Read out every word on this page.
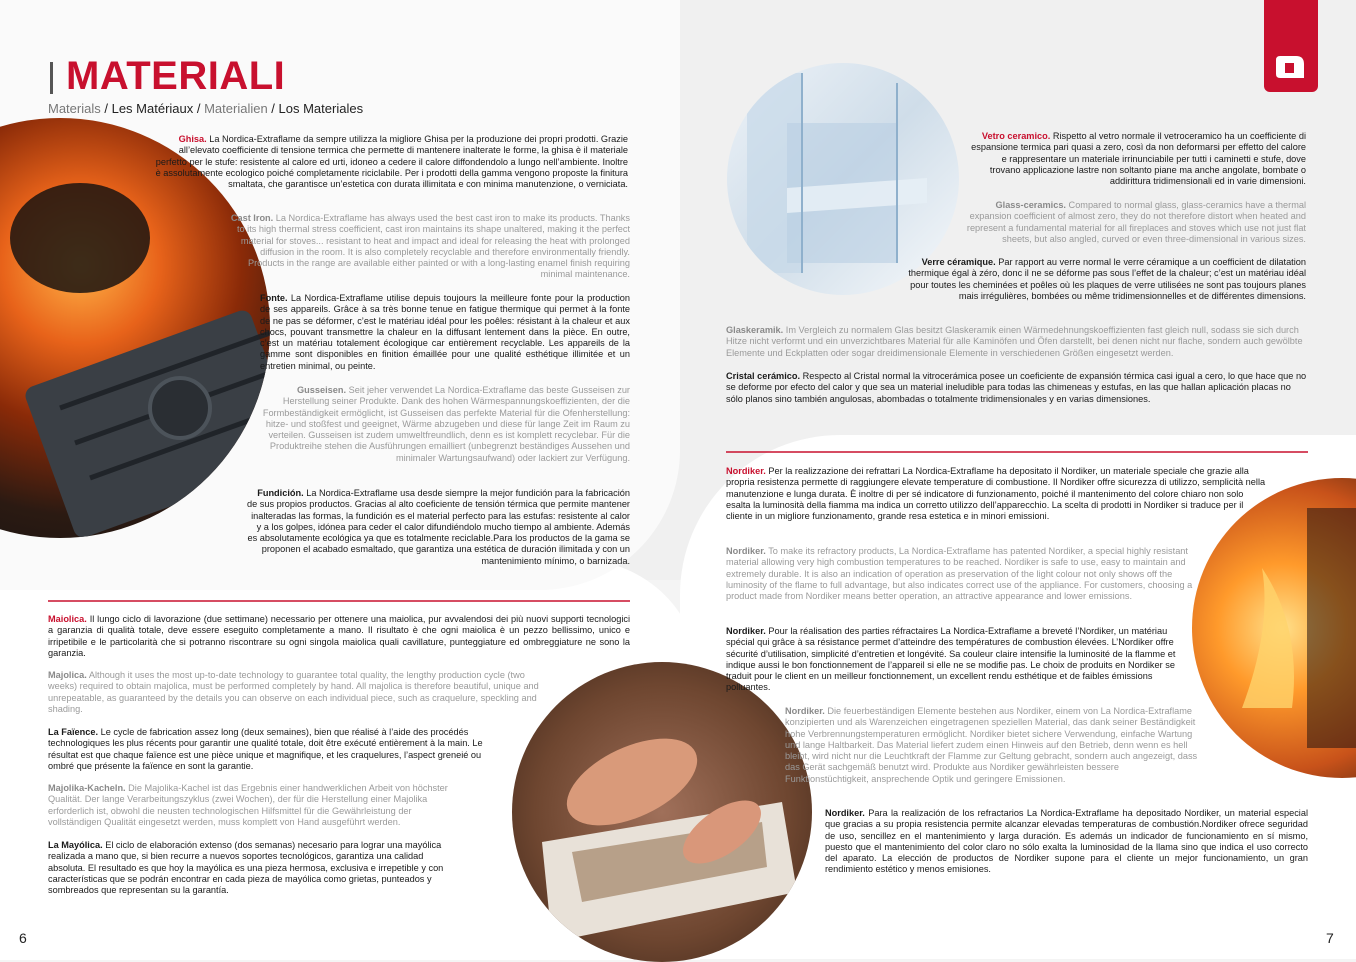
MATERIALI
Materials / Les Matériaux / Materialien / Los Materiales
Ghisa. La Nordica-Extraflame da sempre utilizza la migliore Ghisa per la produzione dei propri prodotti. Grazie all’elevato coefficiente di tensione termica che permette di mantenere inalterate le forme, la ghisa è il materiale perfetto per le stufe: resistente al calore ed urti, idoneo a cedere il calore diffondendolo a lungo nell’ambiente. Inoltre è assolutamente ecologico poiché completamente riciclabile. Per i prodotti della gamma vengono proposte la finitura smaltata, che garantisce un’estetica con durata illimitata e con minima manutenzione, o verniciata.
Cast Iron. La Nordica-Extraflame has always used the best cast iron to make its products. Thanks to its high thermal stress coefficient, cast iron maintains its shape unaltered, making it the perfect material for stoves... resistant to heat and impact and ideal for releasing the heat with prolonged diffusion in the room. It is also completely recyclable and therefore environmentally friendly. Products in the range are available either painted or with a long-lasting enamel finish requiring minimal maintenance.
Fonte. La Nordica-Extraflame utilise depuis toujours la meilleure fonte pour la production de ses appareils. Grâce à sa très bonne tenue en fatigue thermique qui permet à la fonte de ne pas se déformer, c’est le matériau idéal pour les poêles: résistant à la chaleur et aux chocs, pouvant transmettre la chaleur en la diffusant lentement dans la pièce. En outre, c’est un matériau totalement écologique car entièrement recyclable. Les appareils de la gamme sont disponibles en finition émaillée pour une qualité esthétique illimitée et un entretien minimal, ou peinte.
Gusseisen. Seit jeher verwendet La Nordica-Extraflame das beste Gusseisen zur Herstellung seiner Produkte. Dank des hohen Wärmespannungskoeffizienten, der die Formbeständigkeit ermöglicht, ist Gusseisen das perfekte Material für die Ofenherstellung: hitze- und stoßfest und geeignet, Wärme abzugeben und diese für lange Zeit im Raum zu verteilen. Gusseisen ist zudem umweltfreundlich, denn es ist komplett recyclebar. Für die Produktreihe stehen die Ausführungen emailliert (unbegrenzt beständiges Aussehen und minimaler Wartungsaufwand) oder lackiert zur Verfügung.
Fundición. La Nordica-Extraflame usa desde siempre la mejor fundición para la fabricación de sus propios productos. Gracias al alto coeficiente de tensión térmica que permite mantener inalteradas las formas, la fundición es el material perfecto para las estufas: resistente al calor y a los golpes, idónea para ceder el calor difundiéndolo mucho tiempo al ambiente. Además es absolutamente ecológica ya que es totalmente reciclable.Para los productos de la gama se proponen el acabado esmaltado, que garantiza una estética de duración ilimitada y con un mantenimiento mínimo, o barnizada.
Maiolica. Il lungo ciclo di lavorazione (due settimane) necessario per ottenere una maiolica, pur avvalendosi dei più nuovi supporti tecnologici a garanzia di qualità totale, deve essere eseguito completamente a mano. Il risultato è che ogni maiolica è un pezzo bellissimo, unico e irripetibile e le particolarità che si potranno riscontrare su ogni singola maiolica quali cavillature, punteggiature ed ombreggiature ne sono la garanzia.
Majolica. Although it uses the most up-to-date technology to guarantee total quality, the lengthy production cycle (two weeks) required to obtain majolica, must be performed completely by hand. All majolica is therefore beautiful, unique and unrepeatable, as guaranteed by the details you can observe on each individual piece, such as craquelure, speckling and shading.
La Faïence. Le cycle de fabrication assez long (deux semaines), bien que réalisé à l’aide des procédés technologiques les plus récents pour garantir une qualité totale, doit être exécuté entièrement à la main. Le résultat est que chaque faïence est une pièce unique et magnifique, et les craquelures, l’aspect greneié ou ombré que présente la faïence en sont la garantie.
Majolika-Kacheln. Die Majolika-Kachel ist das Ergebnis einer handwerklichen Arbeit von höchster Qualität. Der lange Verarbeitungszyklus (zwei Wochen), der für die Herstellung einer Majolika erforderlich ist, obwohl die neusten technologischen Hilfsmittel für die Gewährleistung der vollständigen Qualität eingesetzt werden, muss komplett von Hand ausgeführt werden.
La Mayólica. El ciclo de elaboración extenso (dos semanas) necesario para lograr una mayólica realizada a mano que, si bien recurre a nuevos soportes tecnológicos, garantiza una calidad absoluta. El resultado es que hoy la mayólica es una pieza hermosa, exclusiva e irrepetible y con características que se podrán encontrar en cada pieza de mayólica como grietas, punteados y sombreados que representan su la garantía.
Vetro ceramico. Rispetto al vetro normale il vetroceramico ha un coefficiente di espansione termica pari quasi a zero, così da non deformarsi per effetto del calore e rappresentare un materiale irrinunciabile per tutti i caminetti e stufe, dove trovano applicazione lastre non soltanto piane ma anche angolate, bombate o addirittura tridimensionali ed in varie dimensioni.
Glass-ceramics. Compared to normal glass, glass-ceramics have a thermal expansion coefficient of almost zero, they do not therefore distort when heated and represent a fundamental material for all fireplaces and stoves which use not just flat sheets, but also angled, curved or even three-dimensional in various sizes.
Verre céramique. Par rapport au verre normal le verre céramique a un coefficient de dilatation thermique égal à zéro, donc il ne se déforme pas sous l’effet de la chaleur; c’est un matériau idéal pour toutes les cheminées et poêles où les plaques de verre utilisées ne sont pas toujours planes mais irrégulières, bombées ou même tridimensionnelles et de différentes dimensions.
Glaskeramik. Im Vergleich zu normalem Glas besitzt Glaskeramik einen Wärmedehnungskoeffizienten fast gleich null, sodass sie sich durch Hitze nicht verformt und ein unverzichtbares Material für alle Kaminöfen und Öfen darstellt, bei denen nicht nur flache, sondern auch gewölbte Elemente und Eckplatten oder sogar dreidimensionale Elemente in verschiedenen Größen eingesetzt werden.
Cristal cerámico. Respecto al Cristal normal la vitrocerámica posee un coeficiente de expansión térmica casi igual a cero, lo que hace que no se deforme por efecto del calor y que sea un material ineludible para todas las chimeneas y estufas, en las que hallan aplicación placas no sólo planos sino también angulosas, abombadas o totalmente tridimensionales y en varias dimensiones.
Nordiker. Per la realizzazione dei refrattari La Nordica-Extraflame ha depositato il Nordiker, un materiale speciale che grazie alla propria resistenza permette di raggiungere elevate temperature di combustione. Il Nordiker offre sicurezza di utilizzo, semplicità nella manutenzione e lunga durata. È inoltre di per sé indicatore di funzionamento, poiché il mantenimento del colore chiaro non solo esalta la luminosità della fiamma ma indica un corretto utilizzo dell’apparecchio. La scelta di prodotti in Nordiker si traduce per il cliente in un migliore funzionamento, grande resa estetica e in minori emissioni.
Nordiker. To make its refractory products, La Nordica-Extraflame has patented Nordiker, a special highly resistant material allowing very high combustion temperatures to be reached. Nordiker is safe to use, easy to maintain and extremely durable. It is also an indication of operation as preservation of the light colour not only shows off the luminosity of the flame to full advantage, but also indicates correct use of the appliance. For customers, choosing a product made from Nordiker means better operation, an attractive appearance and lower emissions.
Nordiker. Pour la réalisation des parties réfractaires La Nordica-Extraflame a breveté l’Nordiker, un matériau spécial qui grâce à sa résistance permet d’atteindre des températures de combustion élevées. L’Nordiker offre sécurité d’utilisation, simplicité d’entretien et longévité. Sa couleur claire intensifie la luminosité de la flamme et indique aussi le bon fonctionnement de l’appareil si elle ne se modifie pas. Le choix de produits en Nordiker se traduit pour le client en un meilleur fonctionnement, un excellent rendu esthétique et de faibles émissions polluantes.
Nordiker. Die feuerbeständigen Elemente bestehen aus Nordiker, einem von La Nordica-Extraflame konzipierten und als Warenzeichen eingetragenen speziellen Material, das dank seiner Beständigkeit hohe Verbrennungstemperaturen ermöglicht. Nordiker bietet sichere Verwendung, einfache Wartung und lange Haltbarkeit. Das Material liefert zudem einen Hinweis auf den Betrieb, denn wenn es hell bleibt, wird nicht nur die Leuchtkraft der Flamme zur Geltung gebracht, sondern auch angezeigt, dass das Gerät sachgemäß benutzt wird. Produkte aus Nordiker gewährleisten bessere Funktionstüchtigkeit, ansprechende Optik und geringere Emissionen.
Nordiker. Para la realización de los refractarios La Nordica-Extraflame ha depositado Nordiker, un material especial que gracias a su propia resistencia permite alcanzar elevadas temperaturas de combustión.Nordiker ofrece seguridad de uso, sencillez en el mantenimiento y larga duración. Es además un indicador de funcionamiento en sí mismo, puesto que el mantenimiento del color claro no sólo exalta la luminosidad de la llama sino que indica el uso correcto del aparato. La elección de productos de Nordiker supone para el cliente un mejor funcionamiento, un gran rendimiento estético y menos emisiones.
6	7
